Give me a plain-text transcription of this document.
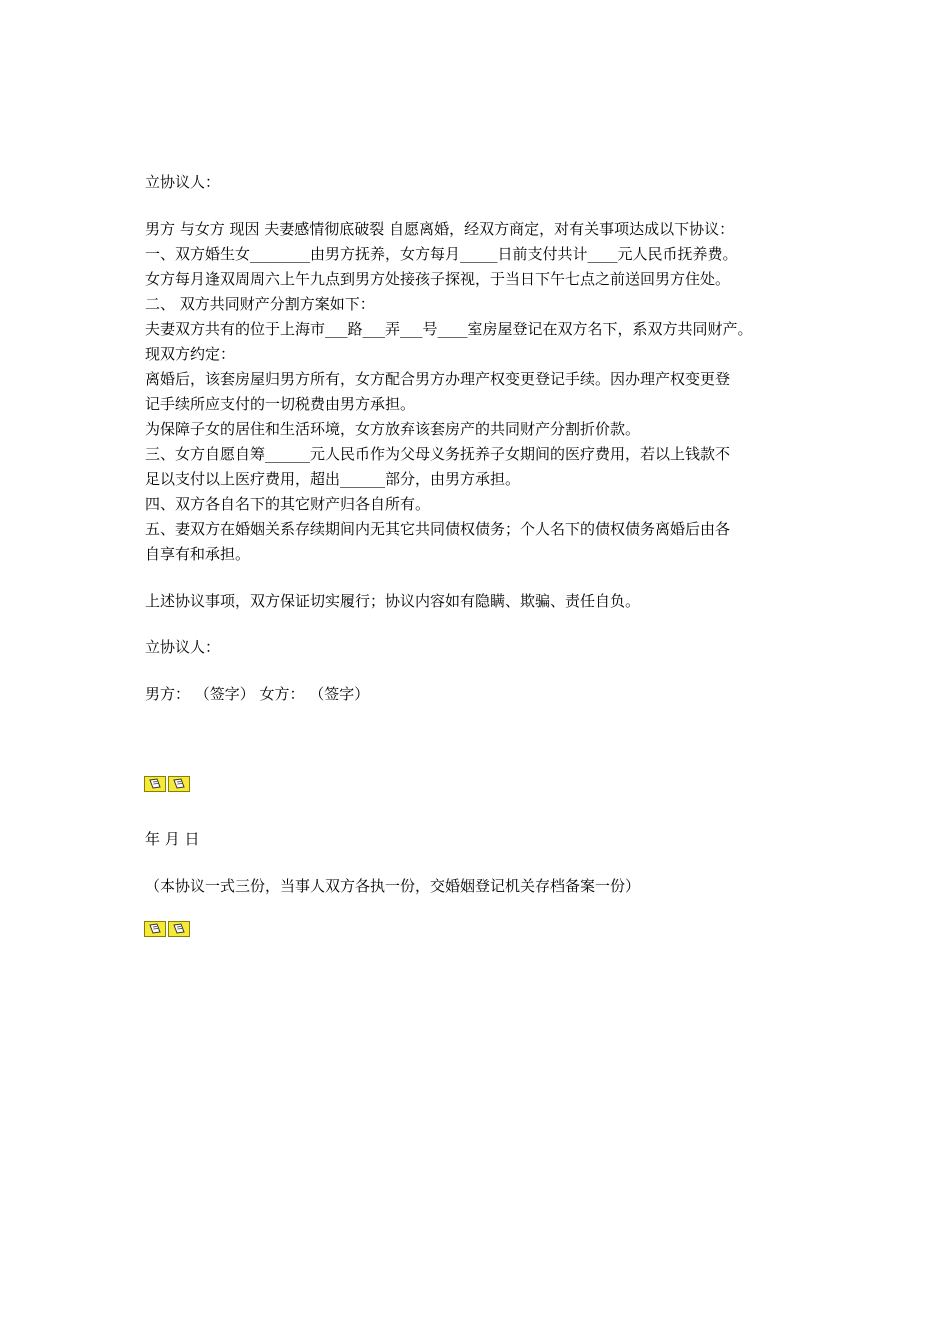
立协议人：
男方 与女方 现因 夫妻感情彻底破裂 自愿离婚，经双方商定，对有关事项达成以下协议：
一、双方婚生女________由男方抚养，女方每月_____日前支付共计____元人民币抚养费。
女方每月逢双周周六上午九点到男方处接孩子探视，于当日下午七点之前送回男方住处。
二、 双方共同财产分割方案如下：
夫妻双方共有的位于上海市___路___弄___号____室房屋登记在双方名下，系双方共同财产。
现双方约定：
离婚后，该套房屋归男方所有，女方配合男方办理产权变更登记手续。因办理产权变更登
记手续所应支付的一切税费由男方承担。
为保障子女的居住和生活环境，女方放弃该套房产的共同财产分割折价款。
三、女方自愿自筹______元人民币作为父母义务抚养子女期间的医疗费用，若以上钱款不
足以支付以上医疗费用，超出______部分，由男方承担。
四、双方各自名下的其它财产归各自所有。
五、妻双方在婚姻关系存续期间内无其它共同债权债务；个人名下的债权债务离婚后由各
自享有和承担。
上述协议事项，双方保证切实履行；协议内容如有隐瞒、欺骗、责任自负。
立协议人：
男方： （签字） 女方： （签字）
年 月 日
（本协议一式三份，当事人双方各执一份，交婚姻登记机关存档备案一份）
